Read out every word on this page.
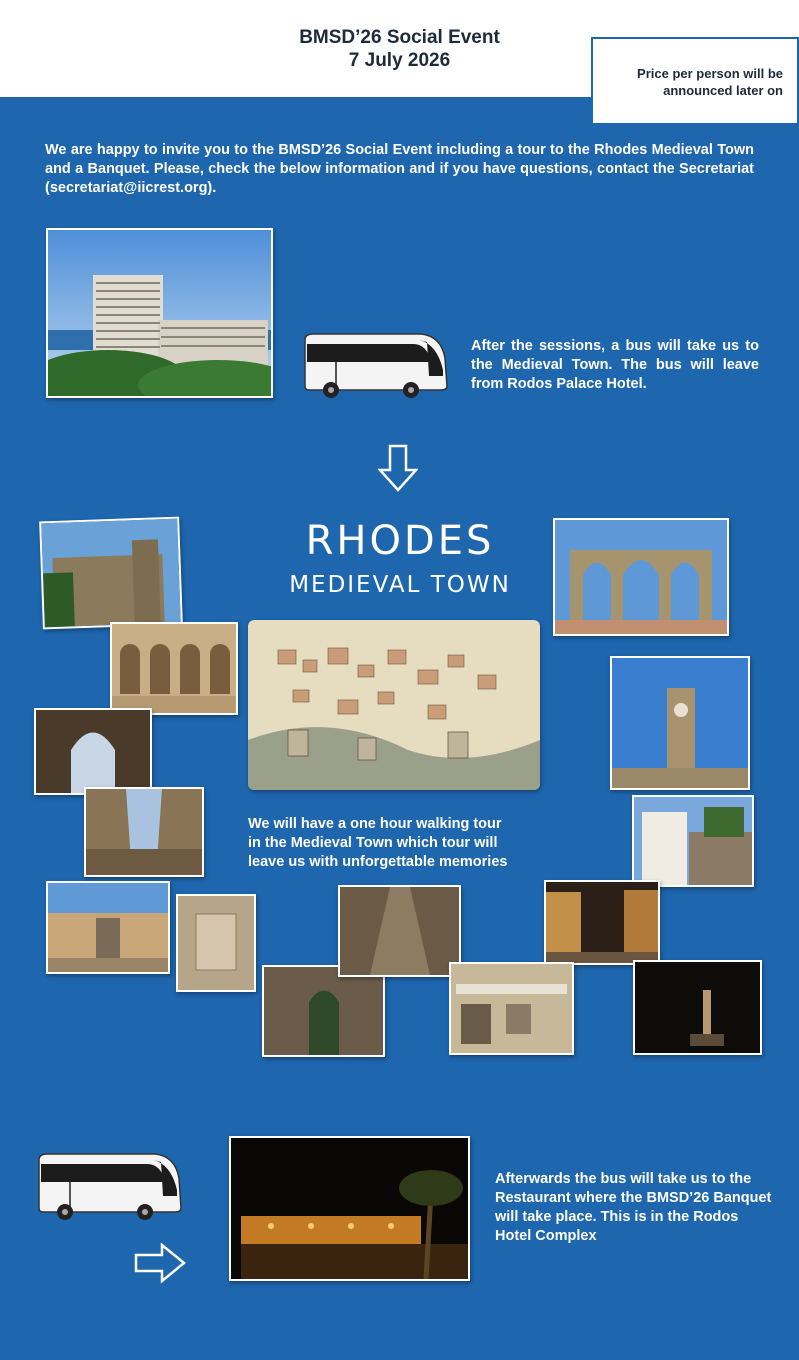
BMSD’26 Social Event
7 July 2026
Price per person will be
announced later on
We are happy to invite you to the BMSD’26 Social Event including a tour to the Rhodes Medieval Town and a Banquet. Please, check the below information and if you have questions, contact the Secretariat (secretariat@iicrest.org).
After the sessions, a bus will take us to the Medieval Town. The bus will leave from Rodos Palace Hotel.
RHODES
MEDIEVAL TOWN
We will have a one hour walking tour
in the Medieval Town which tour will
leave us with unforgettable memories
Afterwards the bus will take us to the Restaurant where the BMSD’26 Banquet will take place. This is in the Rodos Hotel Complex
